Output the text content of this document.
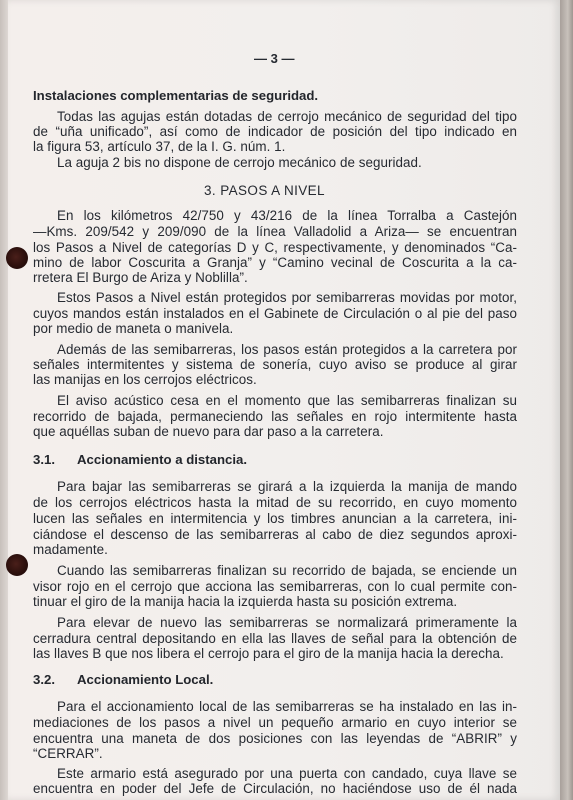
— 3 —
Instalaciones complementarias de seguridad.
Todas las agujas están dotadas de cerrojo mecánico de seguridad del tipo
de “uña unificado”, así como de indicador de posición del tipo indicado en
la figura 53, artículo 37, de la I. G. núm. 1.
La aguja 2 bis no dispone de cerrojo mecánico de seguridad.
3. PASOS A NIVEL
En los kilómetros 42/750 y 43/216 de la línea Torralba a Castejón
—Kms. 209/542 y 209/090 de la línea Valladolid a Ariza— se encuentran
los Pasos a Nivel de categorías D y C, respectivamente, y denominados “Ca-
mino de labor Coscurita a Granja” y “Camino vecinal de Coscurita a la ca-
rretera El Burgo de Ariza y Noblilla”.
Estos Pasos a Nivel están protegidos por semibarreras movidas por motor,
cuyos mandos están instalados en el Gabinete de Circulación o al pie del paso
por medio de maneta o manivela.
Además de las semibarreras, los pasos están protegidos a la carretera por
señales intermitentes y sistema de sonería, cuyo aviso se produce al girar
las manijas en los cerrojos eléctricos.
El aviso acústico cesa en el momento que las semibarreras finalizan su
recorrido de bajada, permaneciendo las señales en rojo intermitente hasta
que aquéllas suban de nuevo para dar paso a la carretera.
3.1. Accionamiento a distancia.
Para bajar las semibarreras se girará a la izquierda la manija de mando
de los cerrojos eléctricos hasta la mitad de su recorrido, en cuyo momento
lucen las señales en intermitencia y los timbres anuncian a la carretera, ini-
ciándose el descenso de las semibarreras al cabo de diez segundos aproxi-
madamente.
Cuando las semibarreras finalizan su recorrido de bajada, se enciende un
visor rojo en el cerrojo que acciona las semibarreras, con lo cual permite con-
tinuar el giro de la manija hacia la izquierda hasta su posición extrema.
Para elevar de nuevo las semibarreras se normalizará primeramente la
cerradura central depositando en ella las llaves de señal para la obtención de
las llaves B que nos libera el cerrojo para el giro de la manija hacia la derecha.
3.2. Accionamiento Local.
Para el accionamiento local de las semibarreras se ha instalado en las in-
mediaciones de los pasos a nivel un pequeño armario en cuyo interior se
encuentra una maneta de dos posiciones con las leyendas de “ABRIR” y
“CERRAR”.
Este armario está asegurado por una puerta con candado, cuya llave se
encuentra en poder del Jefe de Circulación, no haciéndose uso de él nada
